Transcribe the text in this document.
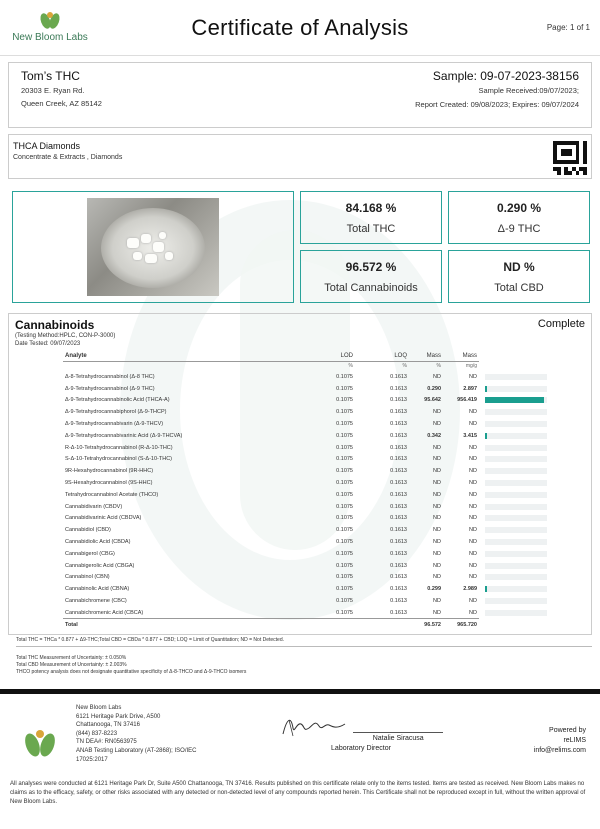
New Bloom Labs	Certificate of Analysis	Page: 1 of 1
Tom’s THC
20303 E. Ryan Rd.
Queen Creek, AZ 85142
Sample: 09-07-2023-38156
Sample Received:09/07/2023;
Report Created: 09/08/2023; Expires: 09/07/2024
THCA Diamonds
Concentrate & Extracts , Diamonds
84.168 %
Total THC
0.290 %
Δ-9 THC
96.572 %
Total Cannabinoids
ND %
Total CBD
Cannabinoids	Complete
(Testing Method:HPLC, CON-P-3000)
Date Tested: 09/07/2023
Analyte	LOD	LOQ	Mass	Mass	
	%	%	%	mg/g	
Δ-8-Tetrahydrocannabinol (Δ-8 THC)	0.1075	0.1613	ND	ND	

Δ-9-Tetrahydrocannabinol (Δ-9 THC)	0.1075	0.1613	0.290	2.897	

Δ-9-Tetrahydrocannabinolic Acid (THCA-A)	0.1075	0.1613	95.642	956.419	

Δ-9-Tetrahydrocannabiphorol (Δ-9-THCP)	0.1075	0.1613	ND	ND	

Δ-9-Tetrahydrocannabivarin (Δ-9-THCV)	0.1075	0.1613	ND	ND	

Δ-9-Tetrahydrocannabivarinic Acid (Δ-9-THCVA)	0.1075	0.1613	0.342	3.415	

R-Δ-10-Tetrahydrocannabinol (R-Δ-10-THC)	0.1075	0.1613	ND	ND	

S-Δ-10-Tetrahydrocannabinol (S-Δ-10-THC)	0.1075	0.1613	ND	ND	

9R-Hexahydrocannabinol (9R-HHC)	0.1075	0.1613	ND	ND	

9S-Hexahydrocannabinol (9S-HHC)	0.1075	0.1613	ND	ND	

Tetrahydrocannabinol Acetate (THCO)	0.1075	0.1613	ND	ND	

Cannabidivarin (CBDV)	0.1075	0.1613	ND	ND	

Cannabidivarinic Acid (CBDVA)	0.1075	0.1613	ND	ND	

Cannabidiol (CBD)	0.1075	0.1613	ND	ND	

Cannabidiolic Acid (CBDA)	0.1075	0.1613	ND	ND	

Cannabigerol (CBG)	0.1075	0.1613	ND	ND	

Cannabigerolic Acid (CBGA)	0.1075	0.1613	ND	ND	

Cannabinol (CBN)	0.1075	0.1613	ND	ND	

Cannabinolic Acid (CBNA)	0.1075	0.1613	0.299	2.989	

Cannabichromene (CBC)	0.1075	0.1613	ND	ND	

Cannabichromenic Acid (CBCA)	0.1075	0.1613	ND	ND	

Total			96.572	965.720	
Total THC = THCa * 0.877 + Δ9-THC;Total CBD = CBDa * 0.877 + CBD; LOQ = Limit of Quantitation; ND = Not Detected.
Total THC Measurement of Uncertainty: ± 0.050%
Total CBD Measurement of Uncertainty: ± 2.003%
THCO potency analysis does not designate quantitative specificity of Δ-8-THCO and Δ-9-THCO isomers
New Bloom Labs
6121 Heritage Park Drive, A500
Chattanooga, TN 37416
(844) 837-8223
TN DEA#: RN0563975
ANAB Testing Laboratory (AT-2868); ISO/IEC
17025:2017
Natalie Siracusa
Laboratory Director
Powered by
reLIMS
info@relims.com
All analyses were conducted at 6121 Heritage Park Dr, Suite A500 Chattanooga, TN 37416. Results published on this certificate relate only to the items tested. Items are tested as received. New Bloom Labs makes no claims as to the efficacy, safety, or other risks associated with any detected or non-detected level of any compounds reported herein. This Certificate shall not be reproduced except in full, without the written approval of New Bloom Labs.
